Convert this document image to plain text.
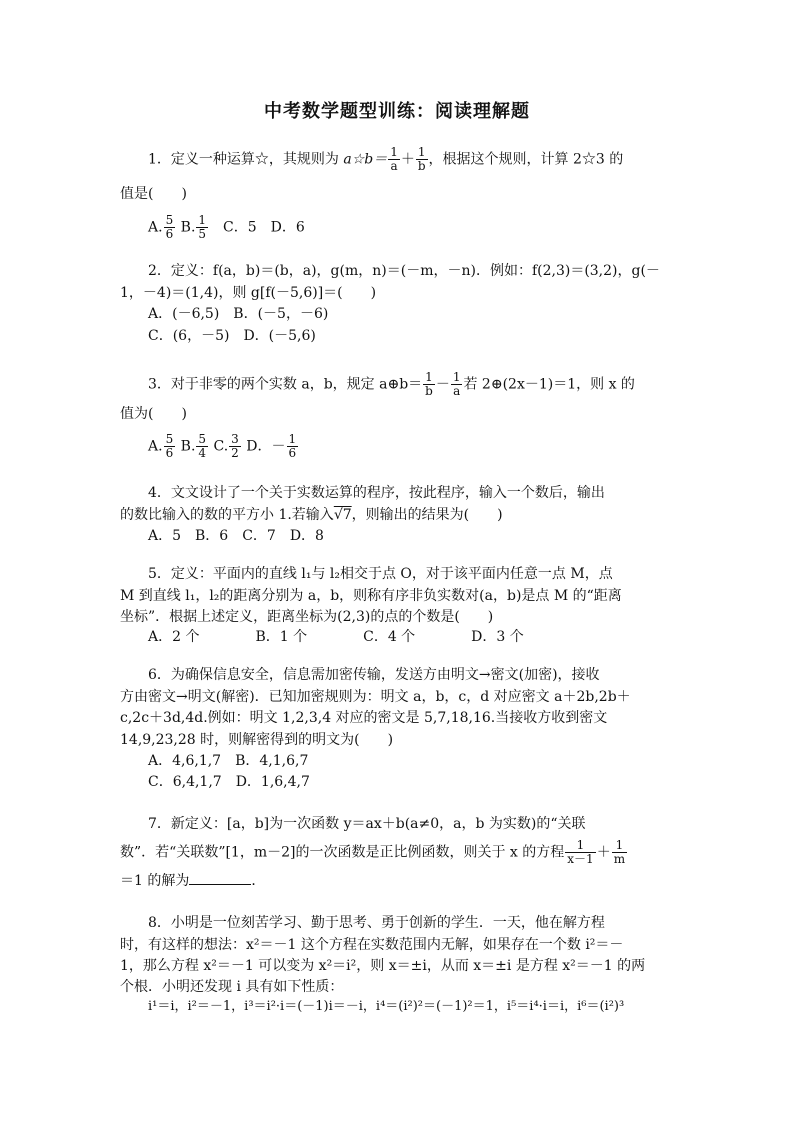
中考数学题型训练：阅读理解题
1．定义一种运算☆，其规则为 a☆b＝ $\frac{1}{a} + \frac{1}{b}$ ，根据这个规则，计算 2☆3 的
值是(　　)
A. $\frac{5}{6} B$. $\frac{1}{5}$ 　C．5　D．6
2．定义：f(a，b)＝(b，a)，g(m，n)＝(－m，－n)．例如：f(2,3)＝(3,2)，g(－
1，－4)＝(1,4)，则 g[f(－5,6)]＝(　　)
A．(－6,5)　B．(－5，－6)
C．(6，－5)　D．(－5,6)
3．对于非零的两个实数 a，b，规定 a⊕b＝ $\frac{1}{b} - \frac{1}{a}$ 若 2⊕(2x－1)＝1，则 x 的
值为(　　)
A. $\frac{5}{6} B$. $\frac{5}{4} C$. $\frac{3}{2}$ D．－ $\frac{1}{6}$
4．文文设计了一个关于实数运算的程序，按此程序，输入一个数后，输出
的数比输入的数的平方小 1.若输入√7，则输出的结果为(　　)
A．5　B．6　C．7　D．8
5．定义：平面内的直线 l₁与 l₂相交于点 O，对于该平面内任意一点 M，点
M 到直线 l₁，l₂的距离分别为 a，b，则称有序非负实数对(a，b)是点 M 的“距离
坐标”．根据上述定义，距离坐标为(2,3)的点的个数是(　　)
A．2 个　　　　B．1 个　　　　C．4 个　　　　D．3 个
6．为确保信息安全，信息需加密传输，发送方由明文→密文(加密)，接收
方由密文→明文(解密)．已知加密规则为：明文 a，b，c，d 对应密文 a＋2b,2b＋
c,2c＋3d,4d.例如：明文 1,2,3,4 对应的密文是 5,7,18,16.当接收方收到密文
14,9,23,28 时，则解密得到的明文为(　　)
A．4,6,1,7　B．4,1,6,7
C．6,4,1,7　D．1,6,4,7
7．新定义：[a，b]为一次函数 y＝ax＋b(a≠0，a，b 为实数)的“关联
数”．若“关联数”[1，m－2]的一次函数是正比例函数，则关于 x 的方程 $\frac{1}{x-1} + \frac{1}{m}$
＝1 的解为	．
8．小明是一位刻苦学习、勤于思考、勇于创新的学生．一天，他在解方程
时，有这样的想法：x²＝－1 这个方程在实数范围内无解，如果存在一个数 i²＝－
1，那么方程 x²＝－1 可以变为 x²＝i²，则 x＝±i，从而 x＝±i 是方程 x²＝－1 的两
个根．小明还发现 i 具有如下性质：
i¹＝i，i²＝－1，i³＝i²·i＝(－1)i＝－i，i⁴＝(i²)²＝(－1)²＝1，i⁵＝i⁴·i＝i，i⁶＝(i²)³
